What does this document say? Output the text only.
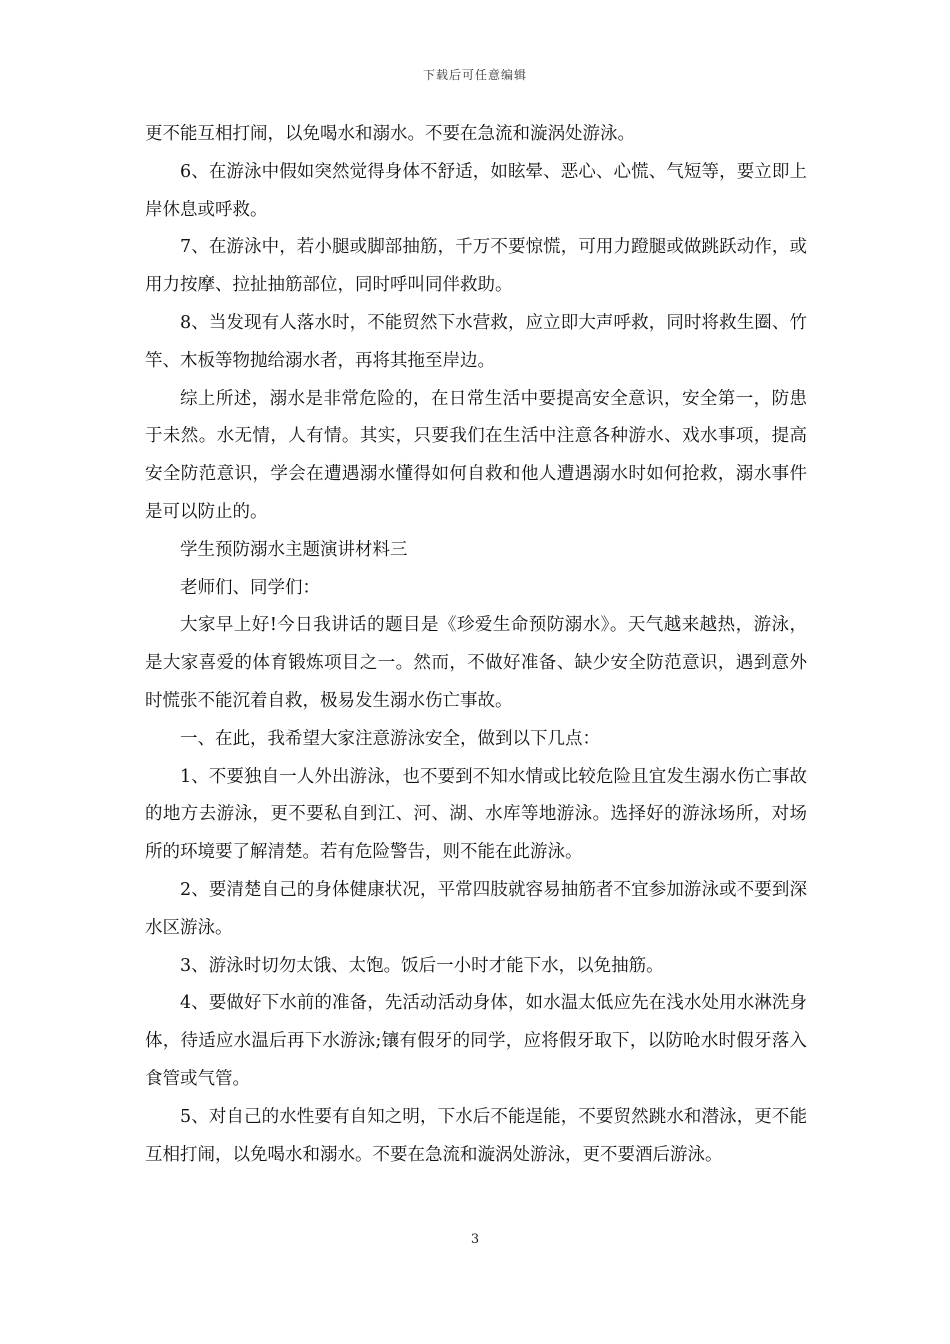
下载后可任意编辑

更不能互相打闹，以免喝水和溺水。不要在急流和漩涡处游泳。

6、在游泳中假如突然觉得身体不舒适，如眩晕、恶心、心慌、气短等，要立即上岸休息或呼救。

7、在游泳中，若小腿或脚部抽筋，千万不要惊慌，可用力蹬腿或做跳跃动作，或用力按摩、拉扯抽筋部位，同时呼叫同伴救助。

8、当发现有人落水时，不能贸然下水营救，应立即大声呼救，同时将救生圈、竹竿、木板等物抛给溺水者，再将其拖至岸边。

综上所述，溺水是非常危险的，在日常生活中要提高安全意识，安全第一，防患于未然。水无情，人有情。其实，只要我们在生活中注意各种游水、戏水事项，提高安全防范意识，学会在遭遇溺水懂得如何自救和他人遭遇溺水时如何抢救，溺水事件是可以防止的。

学生预防溺水主题演讲材料三

老师们、同学们：

大家早上好!今日我讲话的题目是《珍爱生命预防溺水》。天气越来越热，游泳，是大家喜爱的体育锻炼项目之一。然而，不做好准备、缺少安全防范意识，遇到意外时慌张不能沉着自救，极易发生溺水伤亡事故。

一、在此，我希望大家注意游泳安全，做到以下几点：

1、不要独自一人外出游泳，也不要到不知水情或比较危险且宜发生溺水伤亡事故的地方去游泳，更不要私自到江、河、湖、水库等地游泳。选择好的游泳场所，对场所的环境要了解清楚。若有危险警告，则不能在此游泳。

2、要清楚自己的身体健康状况，平常四肢就容易抽筋者不宜参加游泳或不要到深水区游泳。

3、游泳时切勿太饿、太饱。饭后一小时才能下水，以免抽筋。

4、要做好下水前的准备，先活动活动身体，如水温太低应先在浅水处用水淋洗身体，待适应水温后再下水游泳;镶有假牙的同学，应将假牙取下，以防呛水时假牙落入食管或气管。

5、对自己的水性要有自知之明，下水后不能逞能，不要贸然跳水和潜泳，更不能互相打闹，以免喝水和溺水。不要在急流和漩涡处游泳，更不要酒后游泳。

3
